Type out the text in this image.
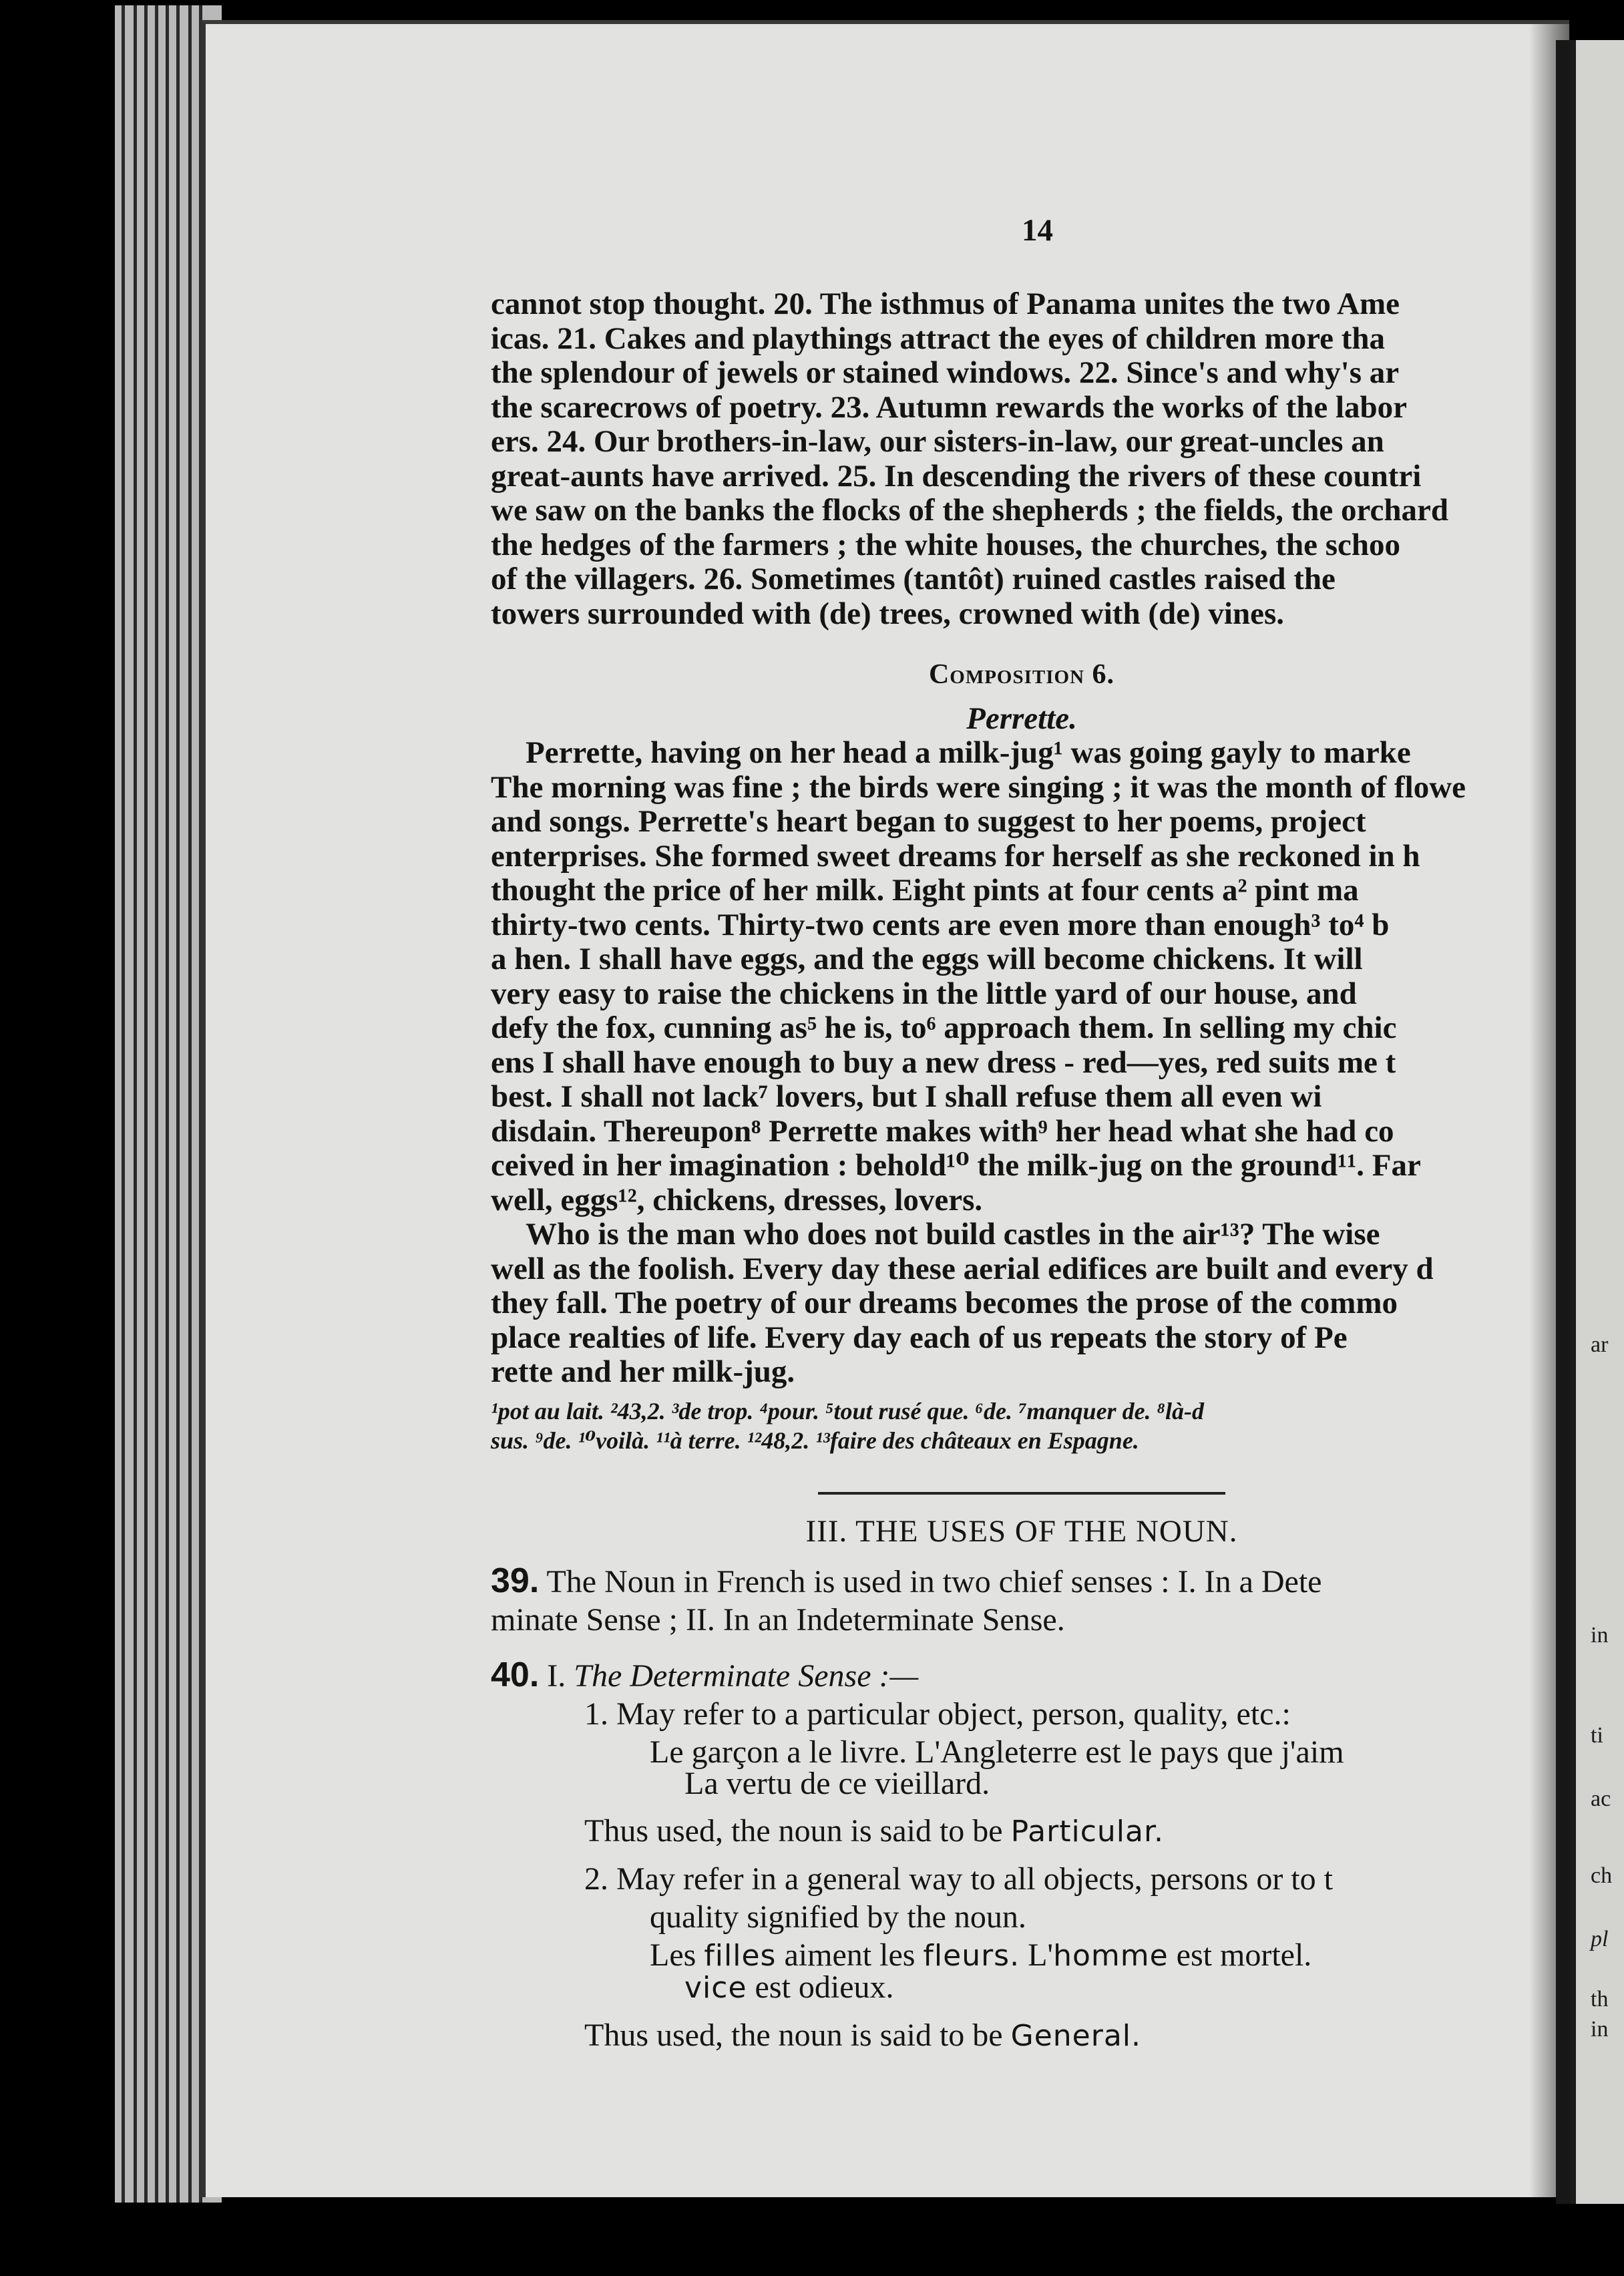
ar
in
ti
ac
ch
pl
th
in
14

cannot stop thought. 20. The isthmus of Panama unites the two Ame

icas. 21. Cakes and playthings attract the eyes of children more tha

the splendour of jewels or stained windows. 22. Since's and why's ar

the scarecrows of poetry. 23. Autumn rewards the works of the labor

ers. 24. Our brothers-in-law, our sisters-in-law, our great-uncles an

great-aunts have arrived. 25. In descending the rivers of these countri

we saw on the banks the flocks of the shepherds ; the fields, the orchard

the hedges of the farmers ; the white houses, the churches, the schoo

of the villagers. 26. Sometimes (tantôt) ruined castles raised the

towers surrounded with (de) trees, crowned with (de) vines.

Composition 6.
Perrette.

Perrette, having on her head a milk-jug¹ was going gayly to marke

The morning was fine ; the birds were singing ; it was the month of flowe

and songs. Perrette's heart began to suggest to her poems, project

enterprises. She formed sweet dreams for herself as she reckoned in h

thought the price of her milk. Eight pints at four cents a² pint ma

thirty-two cents. Thirty-two cents are even more than enough³ to⁴ b

a hen. I shall have eggs, and the eggs will become chickens. It will

very easy to raise the chickens in the little yard of our house, and

defy the fox, cunning as⁵ he is, to⁶ approach them. In selling my chic

ens I shall have enough to buy a new dress - red—yes, red suits me t

best. I shall not lack⁷ lovers, but I shall refuse them all even wi

disdain. Thereupon⁸ Perrette makes with⁹ her head what she had co

ceived in her imagination : behold¹⁰ the milk-jug on the ground¹¹. Far

well, eggs¹², chickens, dresses, lovers.

Who is the man who does not build castles in the air¹³? The wise

well as the foolish. Every day these aerial edifices are built and every d

they fall. The poetry of our dreams becomes the prose of the commo

place realties of life. Every day each of us repeats the story of Pe

rette and her milk-jug.

¹pot au lait. ²43,2. ³de trop. ⁴pour. ⁵tout rusé que. ⁶de. ⁷manquer de. ⁸là-d

sus. ⁹de. ¹⁰voilà. ¹¹à terre. ¹²48,2. ¹³faire des châteaux en Espagne.

III. THE USES OF THE NOUN.
39. The Noun in French is used in two chief senses : I. In a Dete
minate Sense ; II. In an Indeterminate Sense.
40. I. The Determinate Sense :—
1. May refer to a particular object, person, quality, etc.:
Le garçon a le livre. L'Angleterre est le pays que j'aim
La vertu de ce vieillard.
Thus used, the noun is said to be Particular.
2. May refer in a general way to all objects, persons or to t
quality signified by the noun.
Les filles aiment les fleurs. L'homme est mortel.
vice est odieux.
Thus used, the noun is said to be General.
